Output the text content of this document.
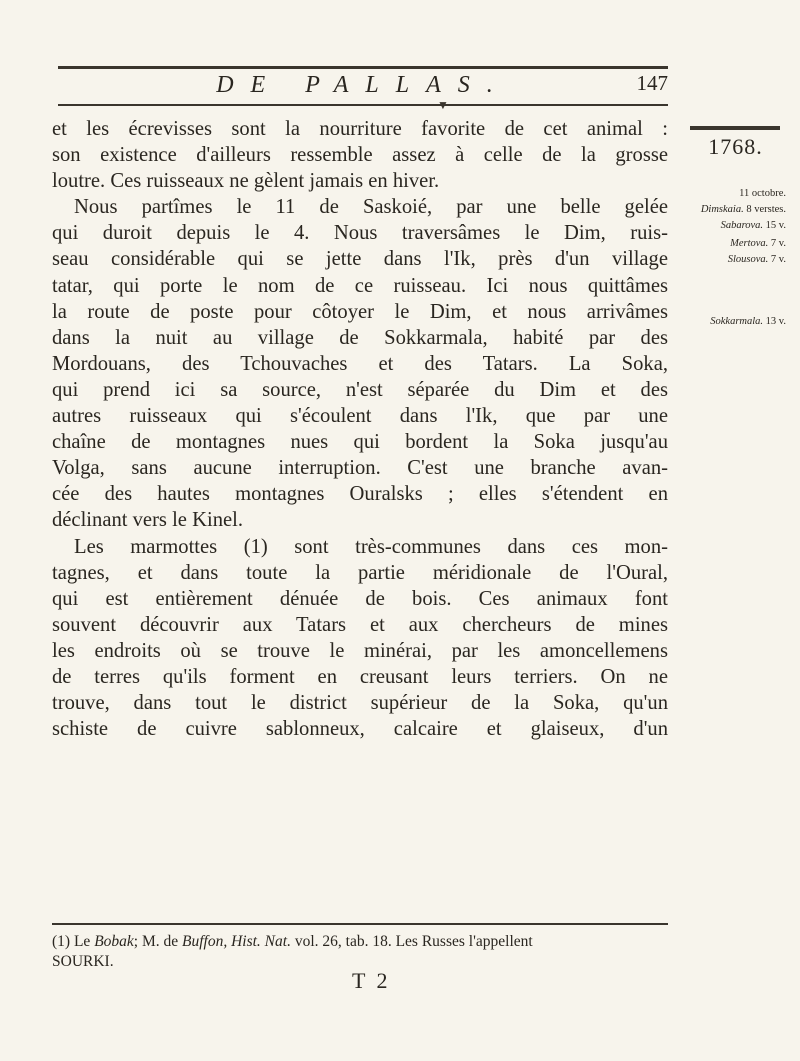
DE PALLAS.	147
▼
et les écrevisses sont la nourriture favorite de cet animal :
son existence d'ailleurs ressemble assez à celle de la grosse
loutre. Ces ruisseaux ne gèlent jamais en hiver.
Nous partîmes le 11 de Saskoié, par une belle gelée
qui duroit depuis le 4. Nous traversâmes le Dim, ruis-
seau considérable qui se jette dans l'Ik, près d'un village
tatar, qui porte le nom de ce ruisseau. Ici nous quittâmes
la route de poste pour côtoyer le Dim, et nous arrivâmes
dans la nuit au village de Sokkarmala, habité par des
Mordouans, des Tchouvaches et des Tatars. La Soka,
qui prend ici sa source, n'est séparée du Dim et des
autres ruisseaux qui s'écoulent dans l'Ik, que par une
chaîne de montagnes nues qui bordent la Soka jusqu'au
Volga, sans aucune interruption. C'est une branche avan-
cée des hautes montagnes Ouralsks ; elles s'étendent en
déclinant vers le Kinel.
Les marmottes (1) sont très-communes dans ces mon-
tagnes, et dans toute la partie méridionale de l'Oural,
qui est entièrement dénuée de bois. Ces animaux font
souvent découvrir aux Tatars et aux chercheurs de mines
les endroits où se trouve le minérai, par les amoncellemens
de terres qu'ils forment en creusant leurs terriers. On ne
trouve, dans tout le district supérieur de la Soka, qu'un
schiste de cuivre sablonneux, calcaire et glaiseux, d'un
1768.
11 octobre.
Dimskaia. 8 verstes.
Sabarova. 15 v.
Mertova. 7 v.
Slousova. 7 v.
Sokkarmala. 13 v.
(1) Le Bobak; M. de Buffon, Hist. Nat. vol. 26, tab. 18. Les Russes l'appellent
SOURKI.
T 2
